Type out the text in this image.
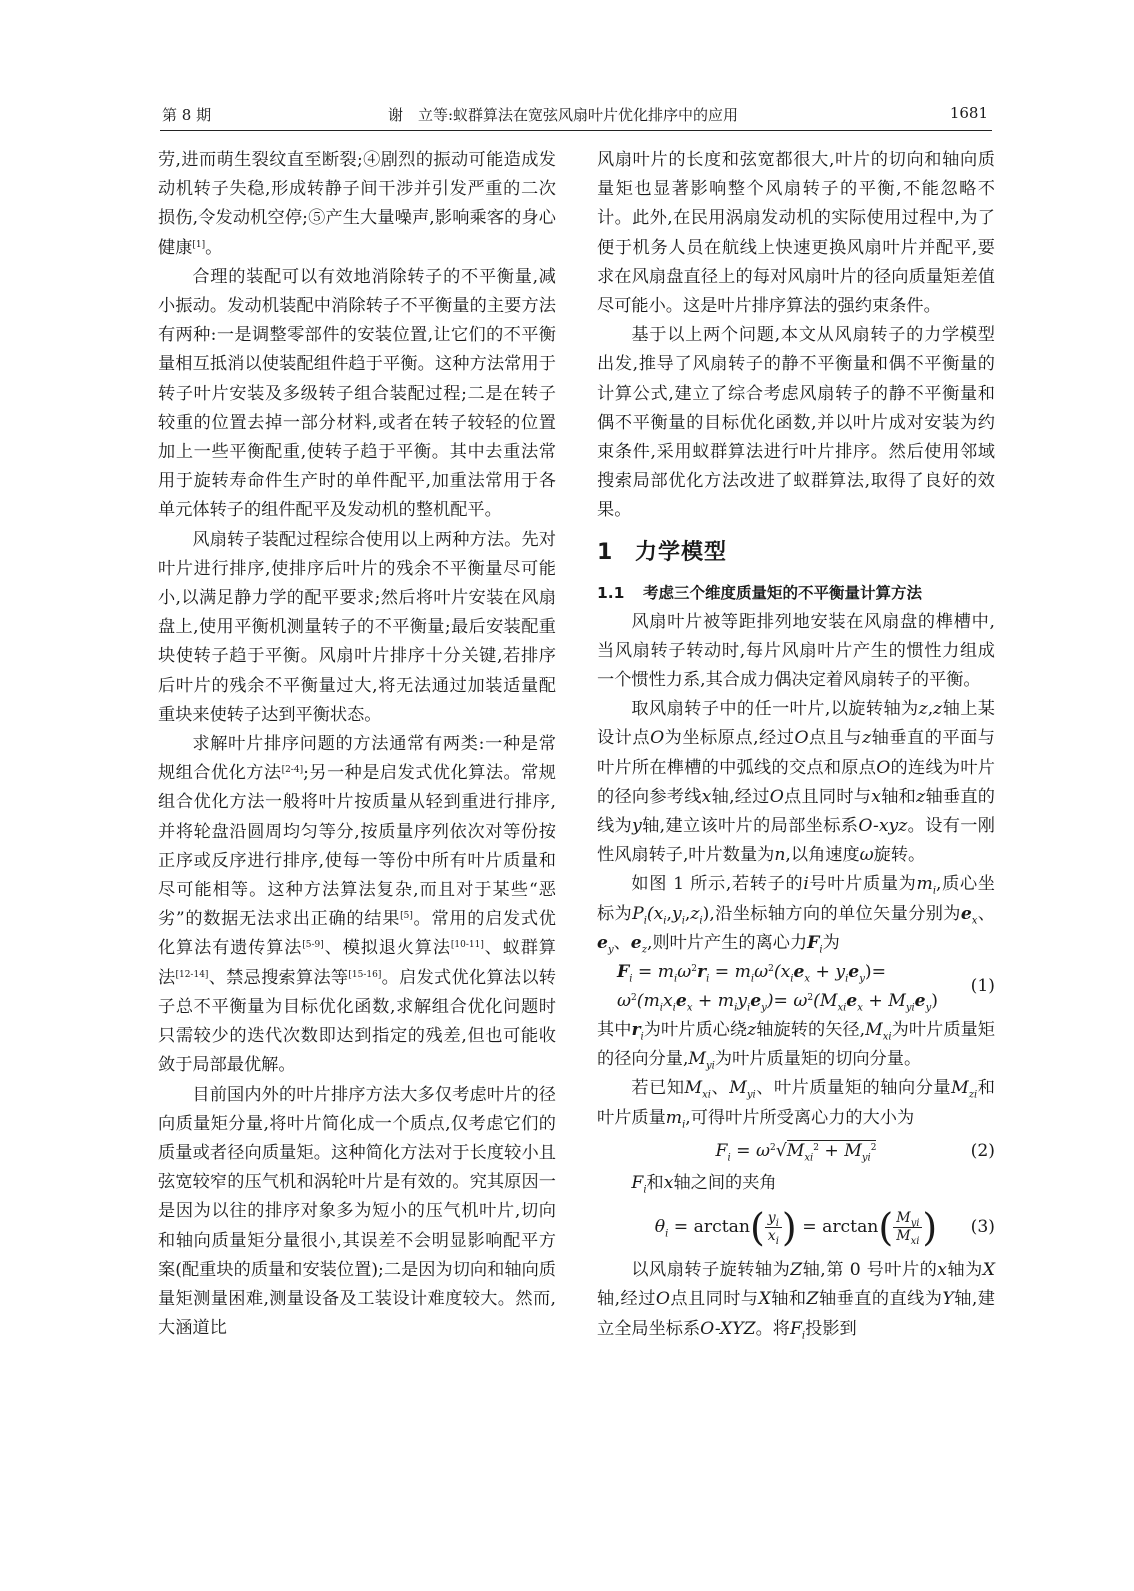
第 8 期	谢　立等:蚁群算法在宽弦风扇叶片优化排序中的应用	1681

劳,进而萌生裂纹直至断裂;④剧烈的振动可能造成发动机转子失稳,形成转静子间干涉并引发严重的二次损伤,令发动机空停;⑤产生大量噪声,影响乘客的身心健康[1]。

合理的装配可以有效地消除转子的不平衡量,减小振动。发动机装配中消除转子不平衡量的主要方法有两种:一是调整零部件的安装位置,让它们的不平衡量相互抵消以使装配组件趋于平衡。这种方法常用于转子叶片安装及多级转子组合装配过程;二是在转子较重的位置去掉一部分材料,或者在转子较轻的位置加上一些平衡配重,使转子趋于平衡。其中去重法常用于旋转寿命件生产时的单件配平,加重法常用于各单元体转子的组件配平及发动机的整机配平。

风扇转子装配过程综合使用以上两种方法。先对叶片进行排序,使排序后叶片的残余不平衡量尽可能小,以满足静力学的配平要求;然后将叶片安装在风扇盘上,使用平衡机测量转子的不平衡量;最后安装配重块使转子趋于平衡。风扇叶片排序十分关键,若排序后叶片的残余不平衡量过大,将无法通过加装适量配重块来使转子达到平衡状态。

求解叶片排序问题的方法通常有两类:一种是常规组合优化方法[2-4];另一种是启发式优化算法。常规组合优化方法一般将叶片按质量从轻到重进行排序,并将轮盘沿圆周均匀等分,按质量序列依次对等份按正序或反序进行排序,使每一等份中所有叶片质量和尽可能相等。这种方法算法复杂,而且对于某些“恶劣”的数据无法求出正确的结果[5]。常用的启发式优化算法有遗传算法[5-9]、模拟退火算法[10-11]、蚁群算法[12-14]、禁忌搜索算法等[15-16]。启发式优化算法以转子总不平衡量为目标优化函数,求解组合优化问题时只需较少的迭代次数即达到指定的残差,但也可能收敛于局部最优解。

目前国内外的叶片排序方法大多仅考虑叶片的径向质量矩分量,将叶片简化成一个质点,仅考虑它们的质量或者径向质量矩。这种简化方法对于长度较小且弦宽较窄的压气机和涡轮叶片是有效的。究其原因一是因为以往的排序对象多为短小的压气机叶片,切向和轴向质量矩分量很小,其误差不会明显影响配平方案(配重块的质量和安装位置);二是因为切向和轴向质量矩测量困难,测量设备及工装设计难度较大。然而,大涵道比

风扇叶片的长度和弦宽都很大,叶片的切向和轴向质量矩也显著影响整个风扇转子的平衡,不能忽略不计。此外,在民用涡扇发动机的实际使用过程中,为了便于机务人员在航线上快速更换风扇叶片并配平,要求在风扇盘直径上的每对风扇叶片的径向质量矩差值尽可能小。这是叶片排序算法的强约束条件。

基于以上两个问题,本文从风扇转子的力学模型出发,推导了风扇转子的静不平衡量和偶不平衡量的计算公式,建立了综合考虑风扇转子的静不平衡量和偶不平衡量的目标优化函数,并以叶片成对安装为约束条件,采用蚁群算法进行叶片排序。然后使用邻域搜索局部优化方法改进了蚁群算法,取得了良好的效果。

1 力学模型
1.1 考虑三个维度质量矩的不平衡量计算方法

风扇叶片被等距排列地安装在风扇盘的榫槽中,当风扇转子转动时,每片风扇叶片产生的惯性力组成一个惯性力系,其合成力偶决定着风扇转子的平衡。

取风扇转子中的任一叶片,以旋转轴为z,z轴上某设计点O为坐标原点,经过O点且与z轴垂直的平面与叶片所在榫槽的中弧线的交点和原点O的连线为叶片的径向参考线x轴,经过O点且同时与x轴和z轴垂直的线为y轴,建立该叶片的局部坐标系O-xyz。设有一刚性风扇转子,叶片数量为n,以角速度ω旋转。

如图 1 所示,若转子的i号叶片质量为$m_i$,质心坐标为$P_i(x_i,y_i,z_i)$,沿坐标轴方向的单位矢量分别为$e_x$、$e_y$、$e_z$,则叶片产生的离心力$F_i$为

$F_i = m_i\omega^2r_i = m_i\omega^2(x_ie_x + y_ie_y)=$
$\omega^2(m_ix_ie_x + m_iy_ie_y)= \omega^2(M_{xi}e_x + M_{yi}e_y)$
(1)

其中$r_i$为叶片质心绕z轴旋转的矢径$,M_{xi}$为叶片质量矩的径向分量$,M_{yi}$为叶片质量矩的切向分量。

若已知$M_{xi}$、$M_{yi}$、叶片质量矩的轴向分量$M_{zi}$和叶片质量$m_i$,可得叶片所受离心力的大小为

$F_i = \omega^2√M_{xi}^2 + M_{yi}^2$	(2)

$F_i$和x轴之间的夹角

$\theta_i = \arctan( \frac{y_i}{x_i}$ ) = $\arctan( \frac{M_{yi}}{M_{xi}}$ ) (3)

以风扇转子旋转轴为Z轴,第 0 号叶片的x轴为X轴,经过O点且同时与X轴和Z轴垂直的直线为Y轴,建立全局坐标系O-XYZ。将$F_i$投影到
